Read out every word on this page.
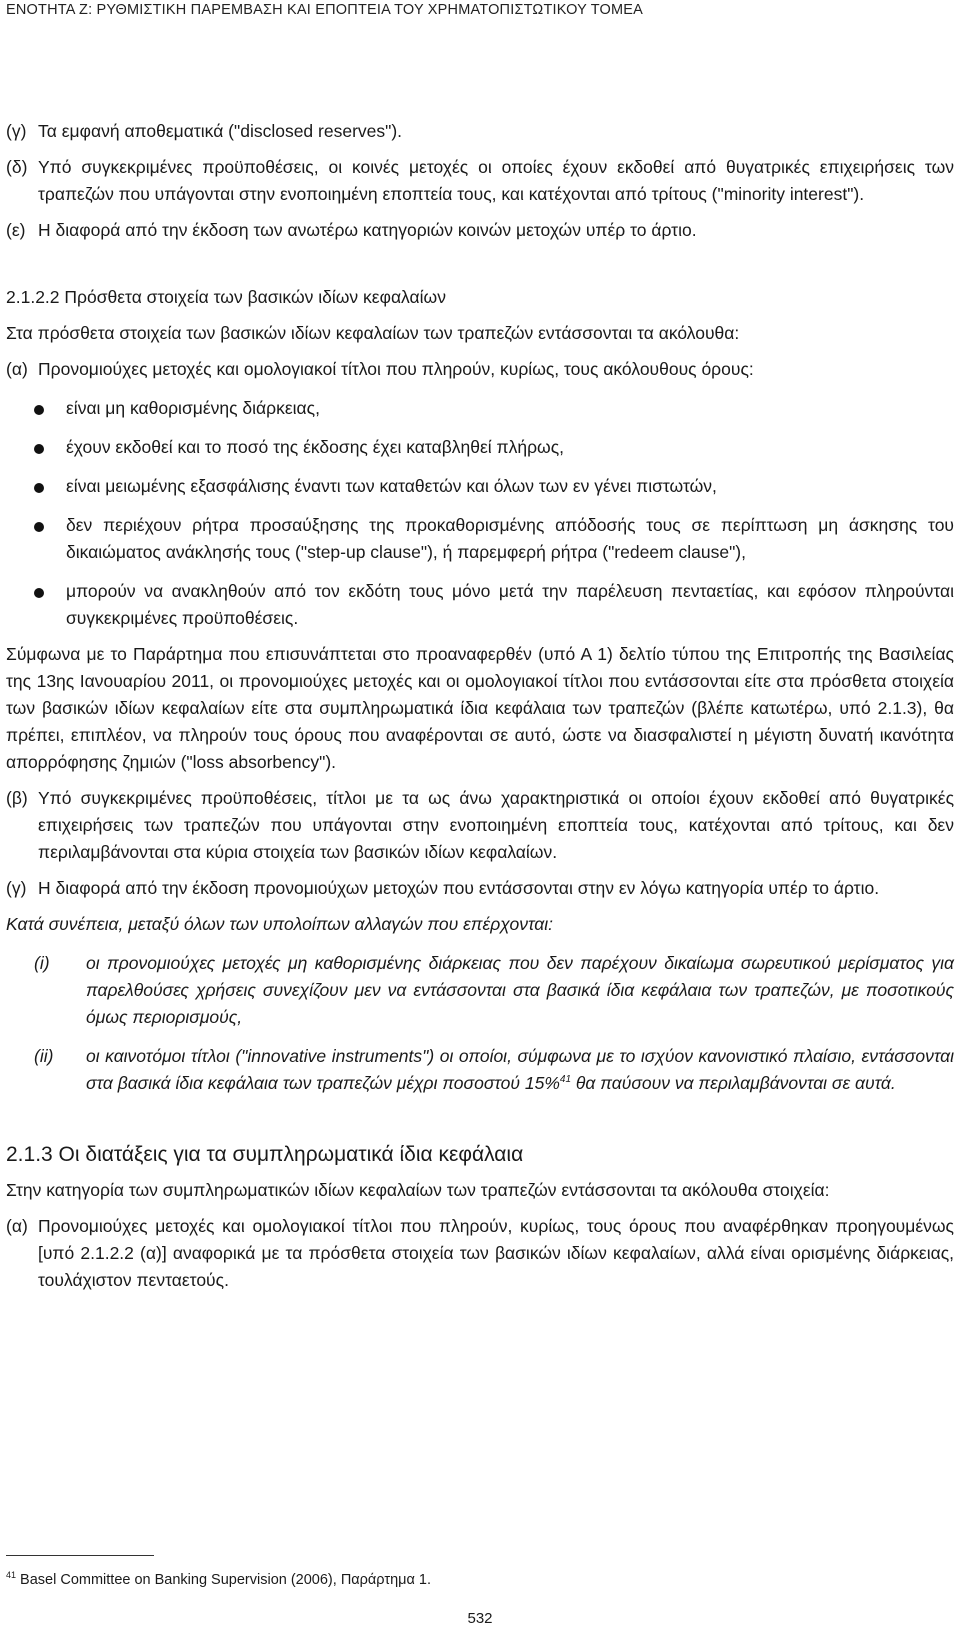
ΕΝΟΤΗΤΑ Ζ: ΡΥΘΜΙΣΤΙΚΗ ΠΑΡΕΜΒΑΣΗ ΚΑΙ ΕΠΟΠΤΕΙΑ ΤΟΥ ΧΡΗΜΑΤΟΠΙΣΤΩΤΙΚΟΥ ΤΟΜΕΑ
(γ) Τα εμφανή αποθεματικά ("disclosed reserves").
(δ) Υπό συγκεκριμένες προϋποθέσεις, οι κοινές μετοχές οι οποίες έχουν εκδοθεί από θυγατρικές επιχειρήσεις των τραπεζών που υπάγονται στην ενοποιημένη εποπτεία τους, και κατέχονται από τρίτους ("minority interest").
(ε) Η διαφορά από την έκδοση των ανωτέρω κατηγοριών κοινών μετοχών υπέρ το άρτιο.

2.1.2.2 Πρόσθετα στοιχεία των βασικών ιδίων κεφαλαίων

Στα πρόσθετα στοιχεία των βασικών ιδίων κεφαλαίων των τραπεζών εντάσσονται τα ακόλουθα:

(α) Προνομιούχες μετοχές και ομολογιακοί τίτλοι που πληρούν, κυρίως, τους ακόλουθους όρους:
είναι μη καθορισμένης διάρκειας,
έχουν εκδοθεί και το ποσό της έκδοσης έχει καταβληθεί πλήρως,
είναι μειωμένης εξασφάλισης έναντι των καταθετών και όλων των εν γένει πιστωτών,
δεν περιέχουν ρήτρα προσαύξησης της προκαθορισμένης απόδοσής τους σε περίπτωση μη άσκησης του δικαιώματος ανάκλησής τους ("step-up clause"), ή παρεμφερή ρήτρα ("redeem clause"),
μπορούν να ανακληθούν από τον εκδότη τους μόνο μετά την παρέλευση πενταετίας, και εφόσον πληρούνται συγκεκριμένες προϋποθέσεις.

Σύμφωνα με το Παράρτημα που επισυνάπτεται στο προαναφερθέν (υπό Α 1) δελτίο τύπου της Επιτροπής της Βασιλείας της 13ης Ιανουαρίου 2011, οι προνομιούχες μετοχές και οι ομολογιακοί τίτλοι που εντάσσονται είτε στα πρόσθετα στοιχεία των βασικών ιδίων κεφαλαίων είτε στα συμπληρωματικά ίδια κεφάλαια των τραπεζών (βλέπε κατωτέρω, υπό 2.1.3), θα πρέπει, επιπλέον, να πληρούν τους όρους που αναφέρονται σε αυτό, ώστε να διασφαλιστεί η μέγιστη δυνατή ικανότητα απορρόφησης ζημιών ("loss absorbency").

(β) Υπό συγκεκριμένες προϋποθέσεις, τίτλοι με τα ως άνω χαρακτηριστικά οι οποίοι έχουν εκδοθεί από θυγατρικές επιχειρήσεις των τραπεζών που υπάγονται στην ενοποιημένη εποπτεία τους, κατέχονται από τρίτους, και δεν περιλαμβάνονται στα κύρια στοιχεία των βασικών ιδίων κεφαλαίων.
(γ) Η διαφορά από την έκδοση προνομιούχων μετοχών που εντάσσονται στην εν λόγω κατηγορία υπέρ το άρτιο.

Κατά συνέπεια, μεταξύ όλων των υπολοίπων αλλαγών που επέρχονται:

(i)	οι προνομιούχες μετοχές μη καθορισμένης διάρκειας που δεν παρέχουν δικαίωμα σωρευτικού μερίσματος για παρελθούσες χρήσεις συνεχίζουν μεν να εντάσσονται στα βασικά ίδια κεφάλαια των τραπεζών, με ποσοτικούς όμως περιορισμούς,
(ii)	οι καινοτόμοι τίτλοι ("innovative instruments") οι οποίοι, σύμφωνα με το ισχύον κανονιστικό πλαίσιο, εντάσσονται στα βασικά ίδια κεφάλαια των τραπεζών μέχρι ποσοστού 15%$^{41}$ θα παύσουν να περιλαμβάνονται σε αυτά.

2.1.3 Οι διατάξεις για τα συμπληρωματικά ίδια κεφάλαια

Στην κατηγορία των συμπληρωματικών ιδίων κεφαλαίων των τραπεζών εντάσσονται τα ακόλουθα στοιχεία:

(α) Προνομιούχες μετοχές και ομολογιακοί τίτλοι που πληρούν, κυρίως, τους όρους που αναφέρθηκαν προηγουμένως [υπό 2.1.2.2 (α)] αναφορικά με τα πρόσθετα στοιχεία των βασικών ιδίων κεφαλαίων, αλλά είναι ορισμένης διάρκειας, τουλάχιστον πενταετούς.
$^{41}$ Basel Committee on Banking Supervision (2006), Παράρτημα 1.
532
